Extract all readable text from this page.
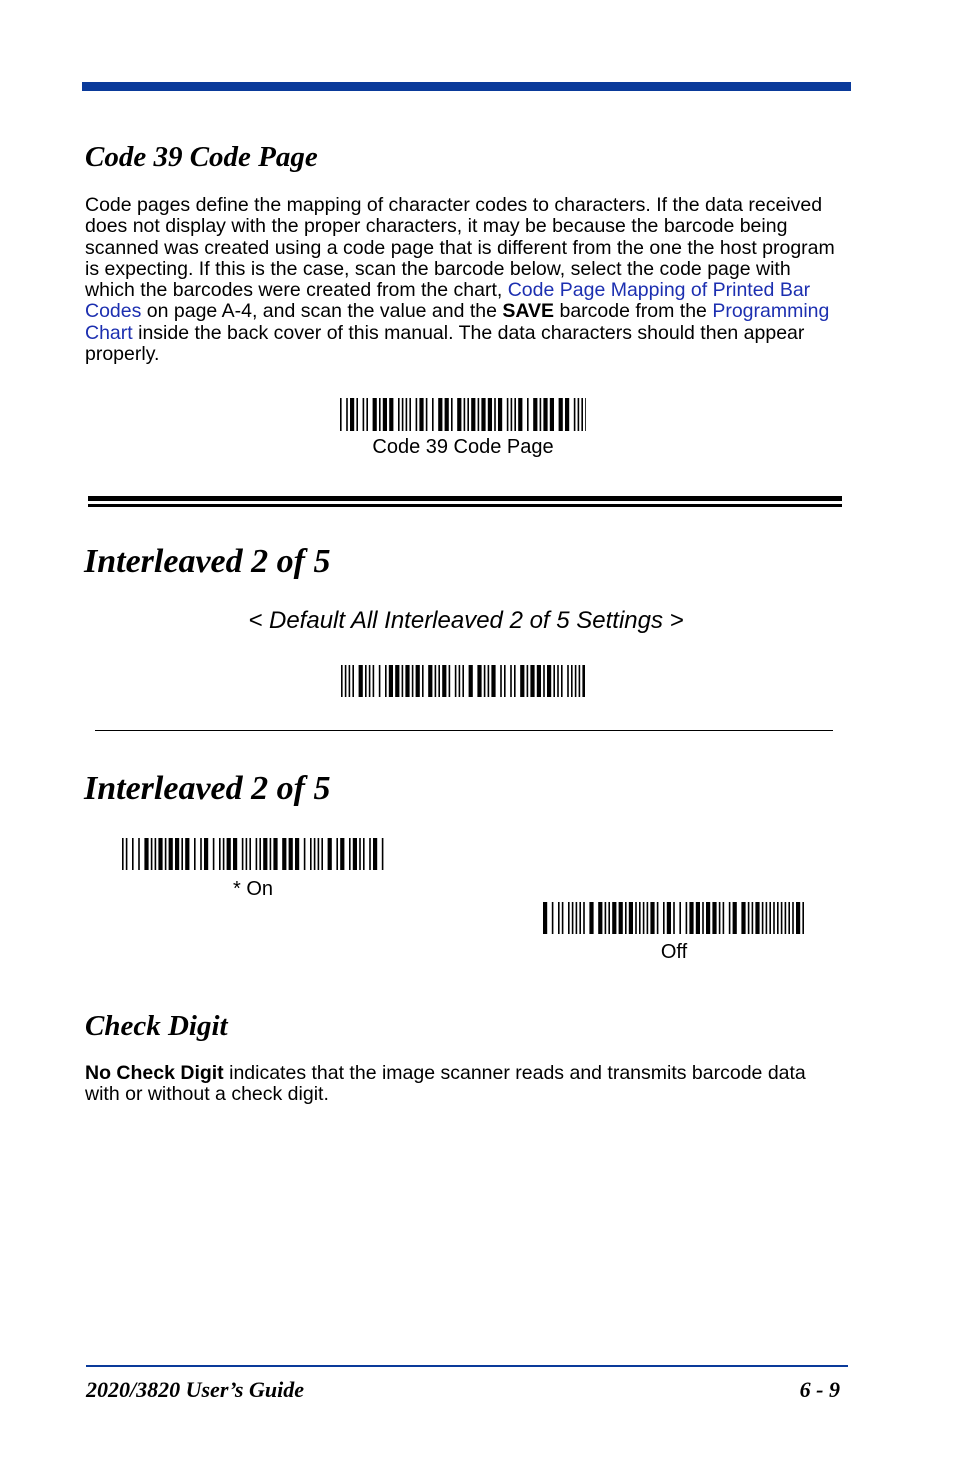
Code 39 Code Page

Code pages define the mapping of character codes to characters. If the data received does not display with the proper characters, it may be because the barcode being scanned was created using a code page that is different from the one the host program is expecting. If this is the case, scan the barcode below, select the code page with which the barcodes were created from the chart, Code Page Mapping of Printed Bar Codes on page A-4, and scan the value and the SAVE barcode from the Programming Chart inside the back cover of this manual. The data characters should then appear properly.

Code 39 Code Page
Interleaved 2 of 5
< Default All Interleaved 2 of 5 Settings >
Interleaved 2 of 5
* On
Off
Check Digit

No Check Digit indicates that the image scanner reads and transmits barcode data with or without a check digit.

2020/3820 User’s Guide	6 - 9
